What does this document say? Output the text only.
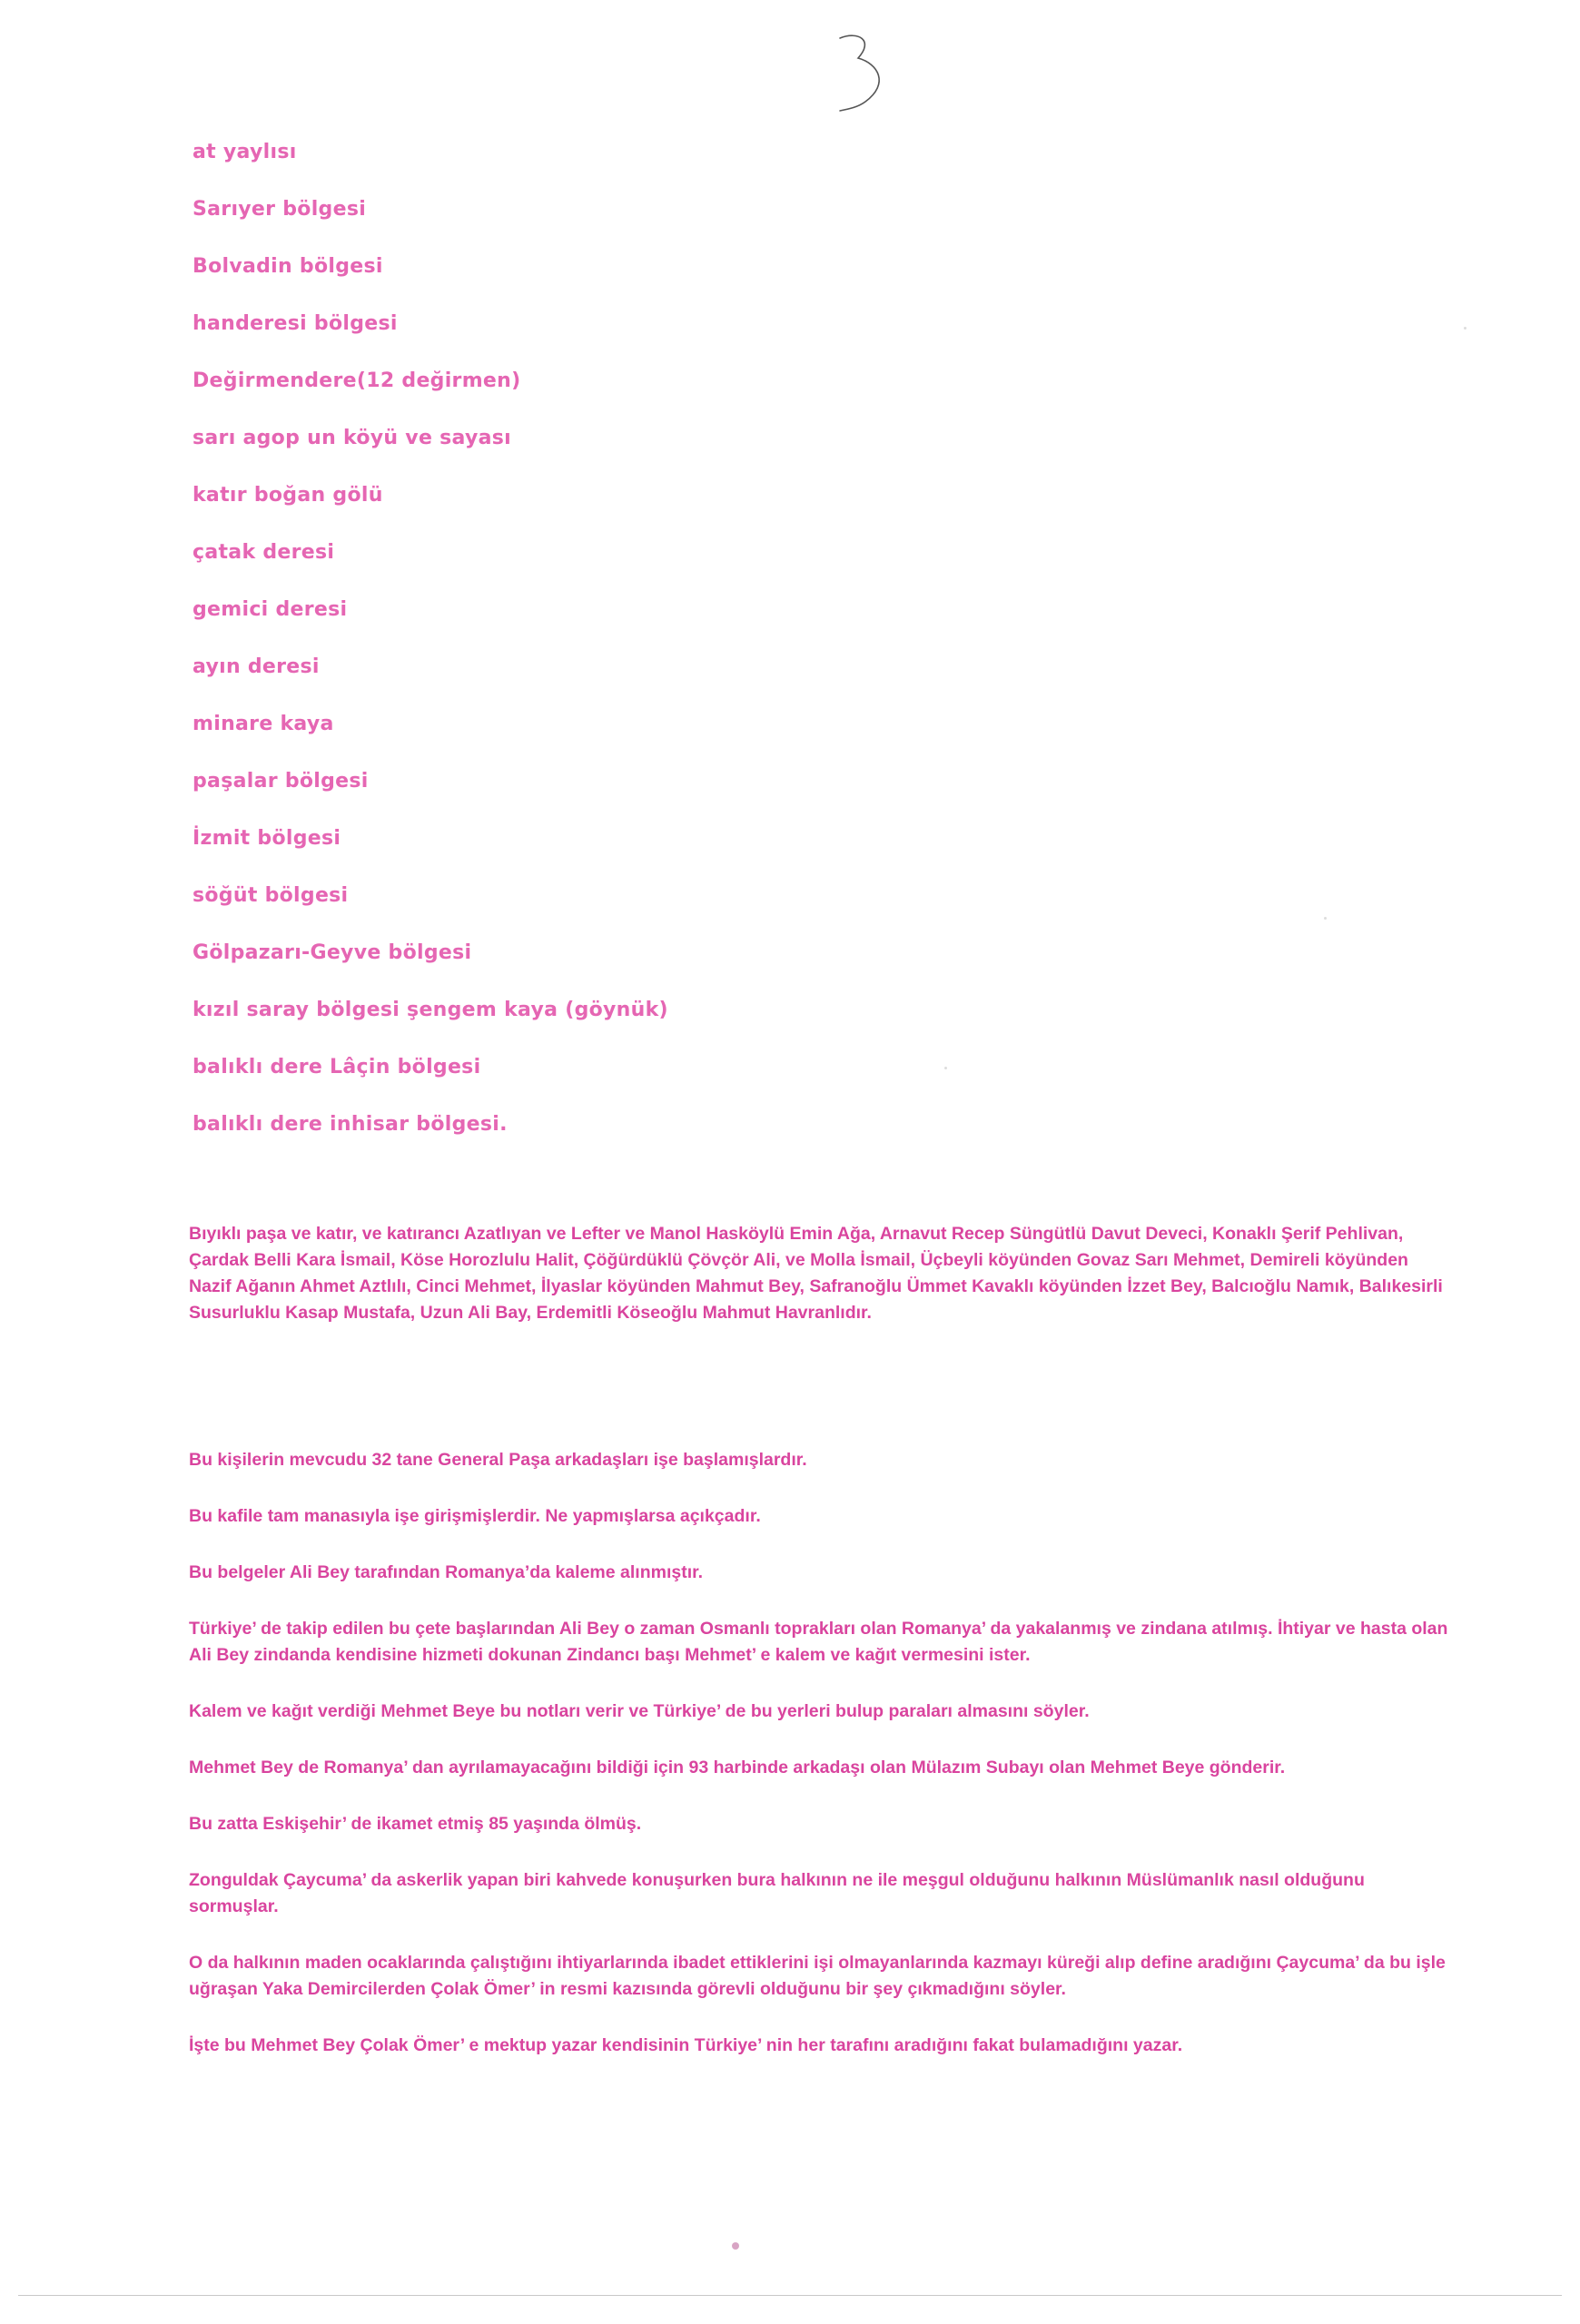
at yaylısı
Sarıyer bölgesi
Bolvadin bölgesi
handeresi bölgesi
Değirmendere(12 değirmen)
sarı agop un köyü ve sayası
katır boğan gölü
çatak deresi
gemici deresi
ayın deresi
minare kaya
paşalar bölgesi
İzmit bölgesi
söğüt bölgesi
Gölpazarı-Geyve bölgesi
kızıl saray bölgesi şengem kaya (göynük)
balıklı dere Lâçin bölgesi
balıklı dere inhisar bölgesi.

Bıyıklı paşa ve katır, ve katırancı Azatlıyan ve Lefter ve Manol Hasköylü Emin Ağa, Arnavut Recep Süngütlü Davut Deveci, Konaklı Şerif Pehlivan, Çardak Belli Kara İsmail, Köse Horozlulu Halit, Çöğürdüklü Çövçör Ali, ve Molla İsmail, Üçbeyli köyünden Govaz Sarı Mehmet, Demireli köyünden Nazif Ağanın Ahmet Aztlılı, Cinci Mehmet, İlyaslar köyünden Mahmut Bey, Safranoğlu Ümmet Kavaklı köyünden İzzet Bey, Balcıoğlu Namık, Balıkesirli Susurluklu Kasap Mustafa, Uzun Ali Bay, Erdemitli Köseoğlu Mahmut Havranlıdır.

Bu kişilerin mevcudu 32 tane General Paşa arkadaşları işe başlamışlardır.

Bu kafile tam manasıyla işe girişmişlerdir. Ne yapmışlarsa açıkçadır.

Bu belgeler Ali Bey tarafından Romanya’da kaleme alınmıştır.

Türkiye’ de takip edilen bu çete başlarından Ali Bey o zaman Osmanlı toprakları olan Romanya’ da yakalanmış ve zindana atılmış. İhtiyar ve hasta olan Ali Bey zindanda kendisine hizmeti dokunan Zindancı başı Mehmet’ e kalem ve kağıt vermesini ister.

Kalem ve kağıt verdiği Mehmet Beye bu notları verir ve Türkiye’ de bu yerleri bulup paraları almasını söyler.

Mehmet Bey de Romanya’ dan ayrılamayacağını bildiği için 93 harbinde arkadaşı olan Mülazım Subayı olan Mehmet Beye gönderir.

Bu zatta Eskişehir’ de ikamet etmiş 85 yaşında ölmüş.

Zonguldak Çaycuma’ da askerlik yapan biri kahvede konuşurken bura halkının ne ile meşgul olduğunu halkının Müslümanlık nasıl olduğunu sormuşlar.

O da halkının maden ocaklarında çalıştığını ihtiyarlarında ibadet ettiklerini işi olmayanlarında kazmayı küreği alıp define aradığını Çaycuma’ da bu işle uğraşan Yaka Demircilerden Çolak Ömer’ in resmi kazısında görevli olduğunu bir şey çıkmadığını söyler.

İşte bu Mehmet Bey Çolak Ömer’ e mektup yazar kendisinin Türkiye’ nin her tarafını aradığını fakat bulamadığını yazar.
